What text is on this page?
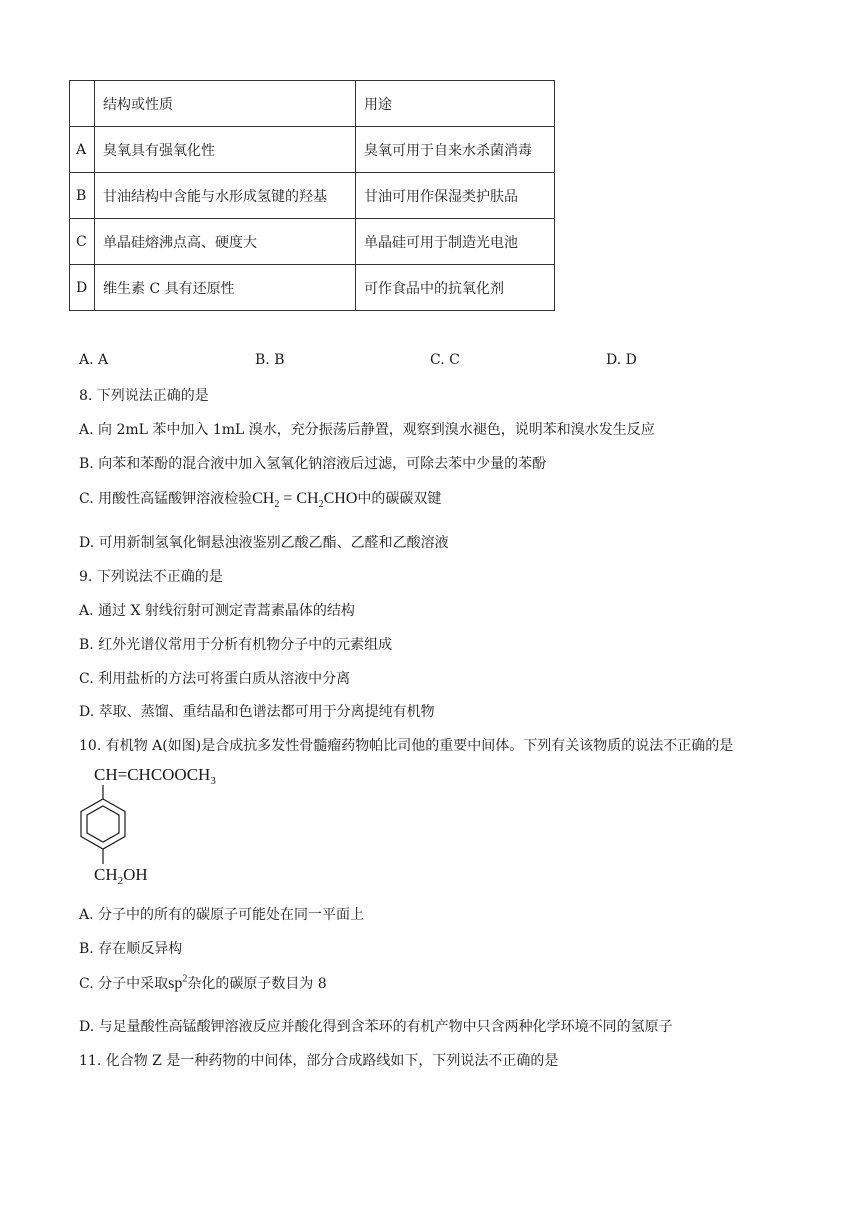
	结构或性质	用途
A	臭氧具有强氧化性	臭氧可用于自来水杀菌消毒
B	甘油结构中含能与水形成氢键的羟基	甘油可用作保湿类护肤品
C	单晶硅熔沸点高、硬度大	单晶硅可用于制造光电池
D	维生素 C 具有还原性	可作食品中的抗氧化剂
A. A	B. B	C. C	D. D
8. 下列说法正确的是
A. 向 2mL 苯中加入 1mL 溴水，充分振荡后静置，观察到溴水褪色，说明苯和溴水发生反应
B. 向苯和苯酚的混合液中加入氢氧化钠溶液后过滤，可除去苯中少量的苯酚
C. 用酸性高锰酸钾溶液检验$CH_2 = CH_2CHO$中的碳碳双键
D. 可用新制氢氧化铜悬浊液鉴别乙酸乙酯、乙醛和乙酸溶液
9. 下列说法不正确的是
A. 通过 X 射线衍射可测定青蒿素晶体的结构
B. 红外光谱仪常用于分析有机物分子中的元素组成
C. 利用盐析的方法可将蛋白质从溶液中分离
D. 萃取、蒸馏、重结晶和色谱法都可用于分离提纯有机物
10. 有机物 A(如图)是合成抗多发性骨髓瘤药物帕比司他的重要中间体。下列有关该物质的说法不正确的是
$CH=CHCOOCH_3$
$CH_2OH$
A. 分子中的所有的碳原子可能处在同一平面上
B. 存在顺反异构
C. 分子中采取$sp^2$杂化的碳原子数目为 8
D. 与足量酸性高锰酸钾溶液反应并酸化得到含苯环的有机产物中只含两种化学环境不同的氢原子
11. 化合物 Z 是一种药物的中间体，部分合成路线如下，下列说法不正确的是
